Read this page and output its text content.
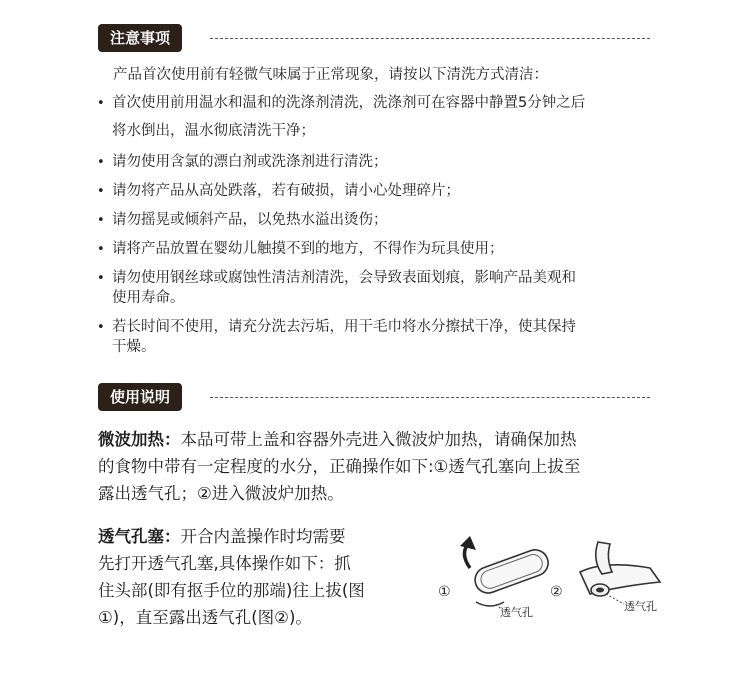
注意事项
产品首次使用前有轻微气味属于正常现象，请按以下清洗方式清洁：
• 首次使用前用温水和温和的洗涤剂清洗，洗涤剂可在容器中静置5分钟之后
将水倒出，温水彻底清洗干净；
• 请勿使用含氯的漂白剂或洗涤剂进行清洗；
• 请勿将产品从高处跌落，若有破损，请小心处理碎片；
• 请勿摇晃或倾斜产品，以免热水溢出烫伤；
• 请将产品放置在婴幼儿触摸不到的地方，不得作为玩具使用；
• 请勿使用钢丝球或腐蚀性清洁剂清洗，会导致表面划痕，影响产品美观和
使用寿命。
• 若长时间不使用，请充分洗去污垢，用干毛巾将水分擦拭干净，使其保持
干燥。
使用说明
微波加热：本品可带上盖和容器外壳进入微波炉加热，请确保加热
的食物中带有一定程度的水分，正确操作如下:①透气孔塞向上拔至
露出透气孔；②进入微波炉加热。
透气孔塞：开合内盖操作时均需要
先打开透气孔塞,具体操作如下：抓
住头部(即有抠手位的那端)往上拔(图
①)，直至露出透气孔(图②)。
①
透气孔
②
透气孔
